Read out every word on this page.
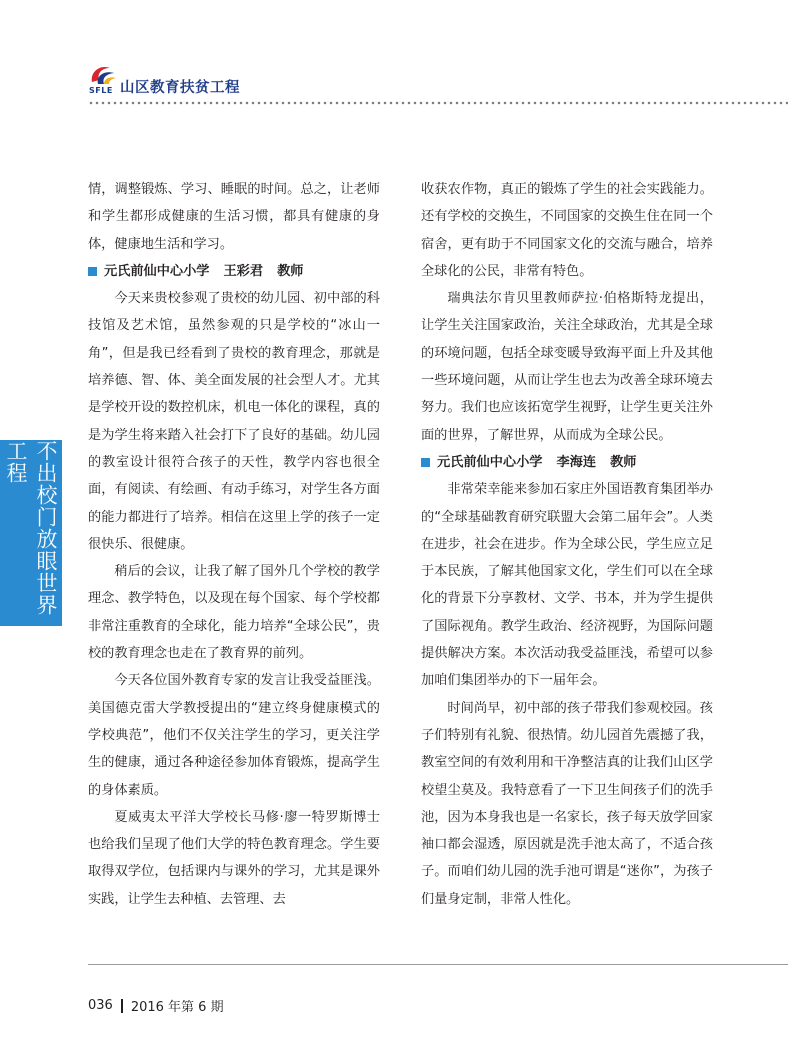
SFLE 山区教育扶贫工程
不出校门放眼世界工程

情，调整锻炼、学习、睡眠的时间。总之，让老师和学生都形成健康的生活习惯，都具有健康的身体，健康地生活和学习。

元氏前仙中心小学 王彩君 教师

今天来贵校参观了贵校的幼儿园、初中部的科技馆及艺术馆，虽然参观的只是学校的“冰山一角”，但是我已经看到了贵校的教育理念，那就是培养德、智、体、美全面发展的社会型人才。尤其是学校开设的数控机床，机电一体化的课程，真的是为学生将来踏入社会打下了良好的基础。幼儿园的教室设计很符合孩子的天性，教学内容也很全面，有阅读、有绘画、有动手练习，对学生各方面的能力都进行了培养。相信在这里上学的孩子一定很快乐、很健康。

稍后的会议，让我了解了国外几个学校的教学理念、教学特色，以及现在每个国家、每个学校都非常注重教育的全球化，能力培养“全球公民”，贵校的教育理念也走在了教育界的前列。

今天各位国外教育专家的发言让我受益匪浅。美国德克雷大学教授提出的“建立终身健康模式的学校典范”，他们不仅关注学生的学习，更关注学生的健康，通过各种途径参加体育锻炼，提高学生的身体素质。

夏威夷太平洋大学校长马修·廖一特罗斯博士也给我们呈现了他们大学的特色教育理念。学生要取得双学位，包括课内与课外的学习，尤其是课外实践，让学生去种植、去管理、去

收获农作物，真正的锻炼了学生的社会实践能力。还有学校的交换生，不同国家的交换生住在同一个宿舍，更有助于不同国家文化的交流与融合，培养全球化的公民，非常有特色。

瑞典法尔肯贝里教师萨拉·伯格斯特龙提出，让学生关注国家政治，关注全球政治，尤其是全球的环境问题，包括全球变暖导致海平面上升及其他一些环境问题，从而让学生也去为改善全球环境去努力。我们也应该拓宽学生视野，让学生更关注外面的世界，了解世界，从而成为全球公民。

元氏前仙中心小学 李海连 教师

非常荣幸能来参加石家庄外国语教育集团举办的“全球基础教育研究联盟大会第二届年会”。人类在进步，社会在进步。作为全球公民，学生应立足于本民族，了解其他国家文化，学生们可以在全球化的背景下分享教材、文学、书本，并为学生提供了国际视角。教学生政治、经济视野，为国际问题提供解决方案。本次活动我受益匪浅，希望可以参加咱们集团举办的下一届年会。

时间尚早，初中部的孩子带我们参观校园。孩子们特别有礼貌、很热情。幼儿园首先震撼了我，教室空间的有效利用和干净整洁真的让我们山区学校望尘莫及。我特意看了一下卫生间孩子们的洗手池，因为本身我也是一名家长，孩子每天放学回家袖口都会湿透，原因就是洗手池太高了，不适合孩子。而咱们幼儿园的洗手池可谓是“迷你”，为孩子们量身定制，非常人性化。

036 2016 年第 6 期
